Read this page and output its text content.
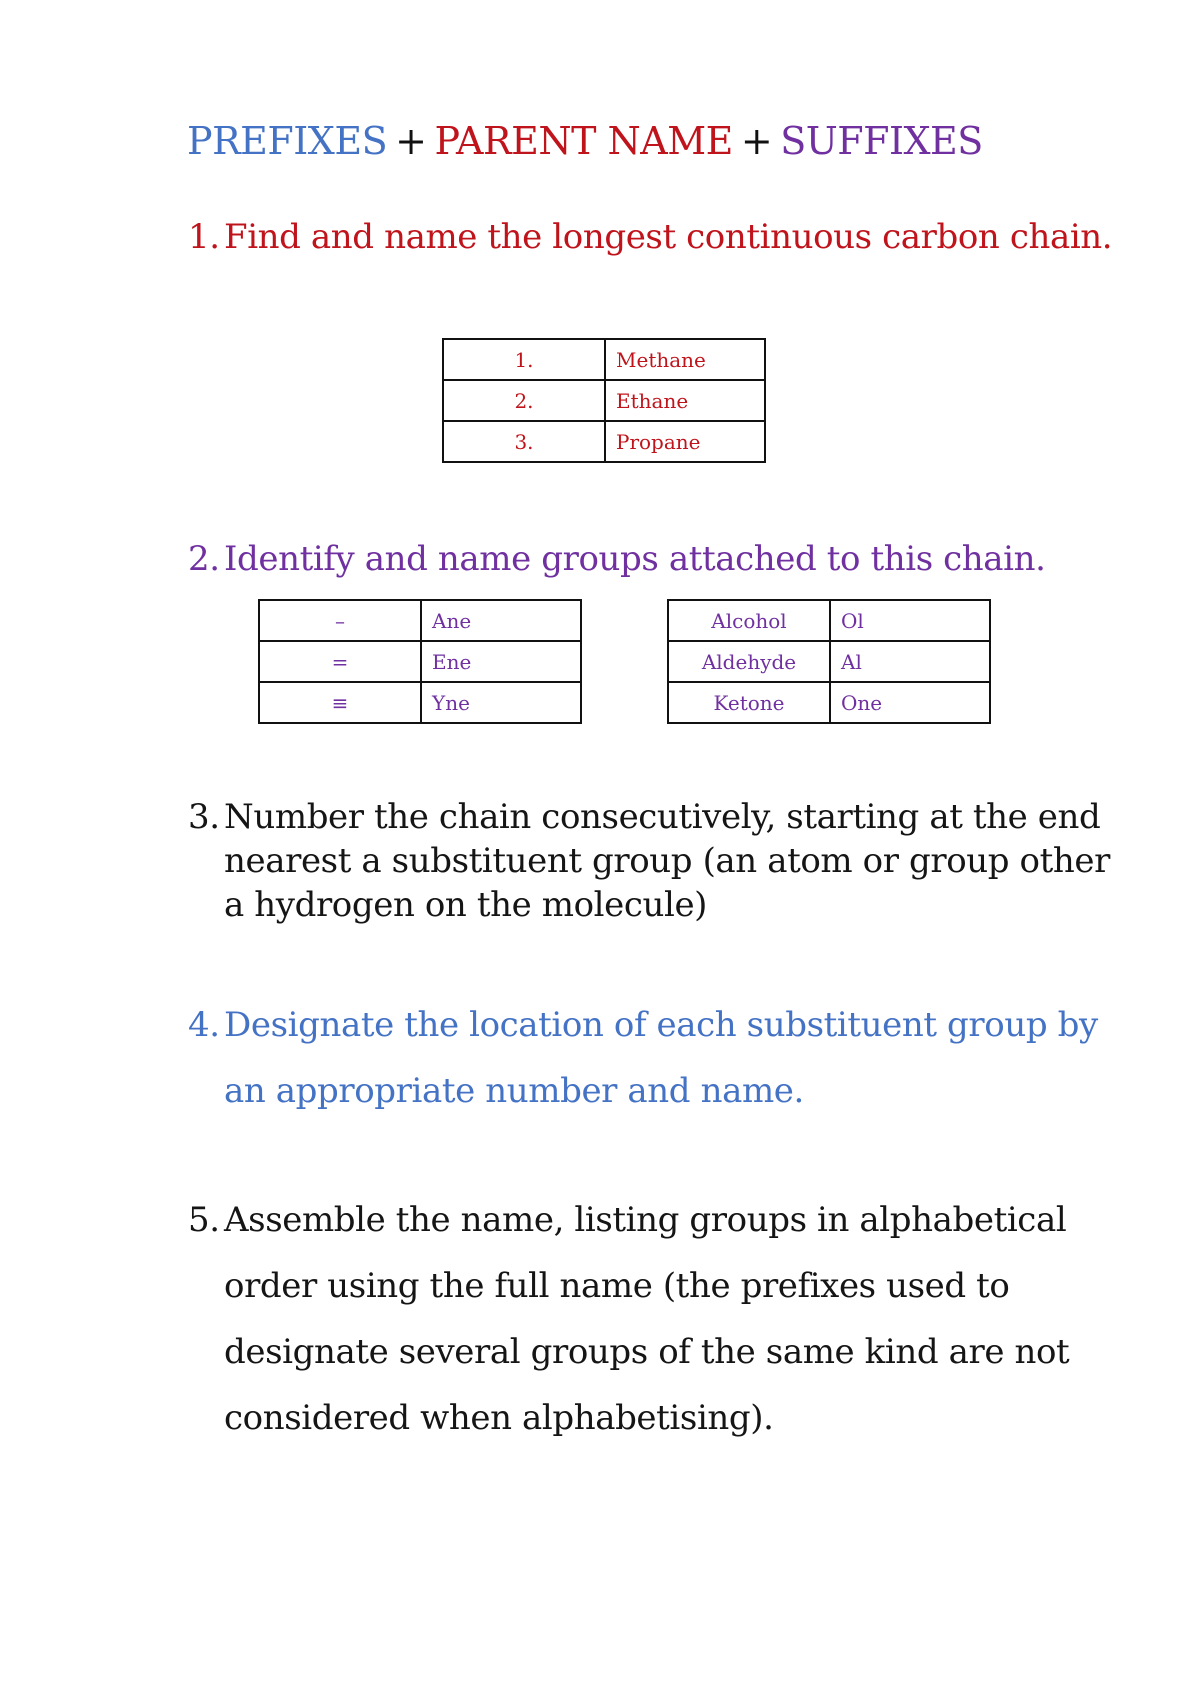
PREFIXES + PARENT NAME + SUFFIXES
1. Find and name the longest continuous carbon chain.
1.	Methane
2.	Ethane
3.	Propane
2. Identify and name groups attached to this chain.
–	Ane
=	Ene
≡	Yne
Alcohol	Ol
Aldehyde	Al
Ketone	One
3. Number the chain consecutively, starting at the end nearest a substituent group (an atom or group other a hydrogen on the molecule)
4. Designate the location of each substituent group by an appropriate number and name.
5. Assemble the name, listing groups in alphabetical order using the full name (the prefixes used to designate several groups of the same kind are not considered when alphabetising).
